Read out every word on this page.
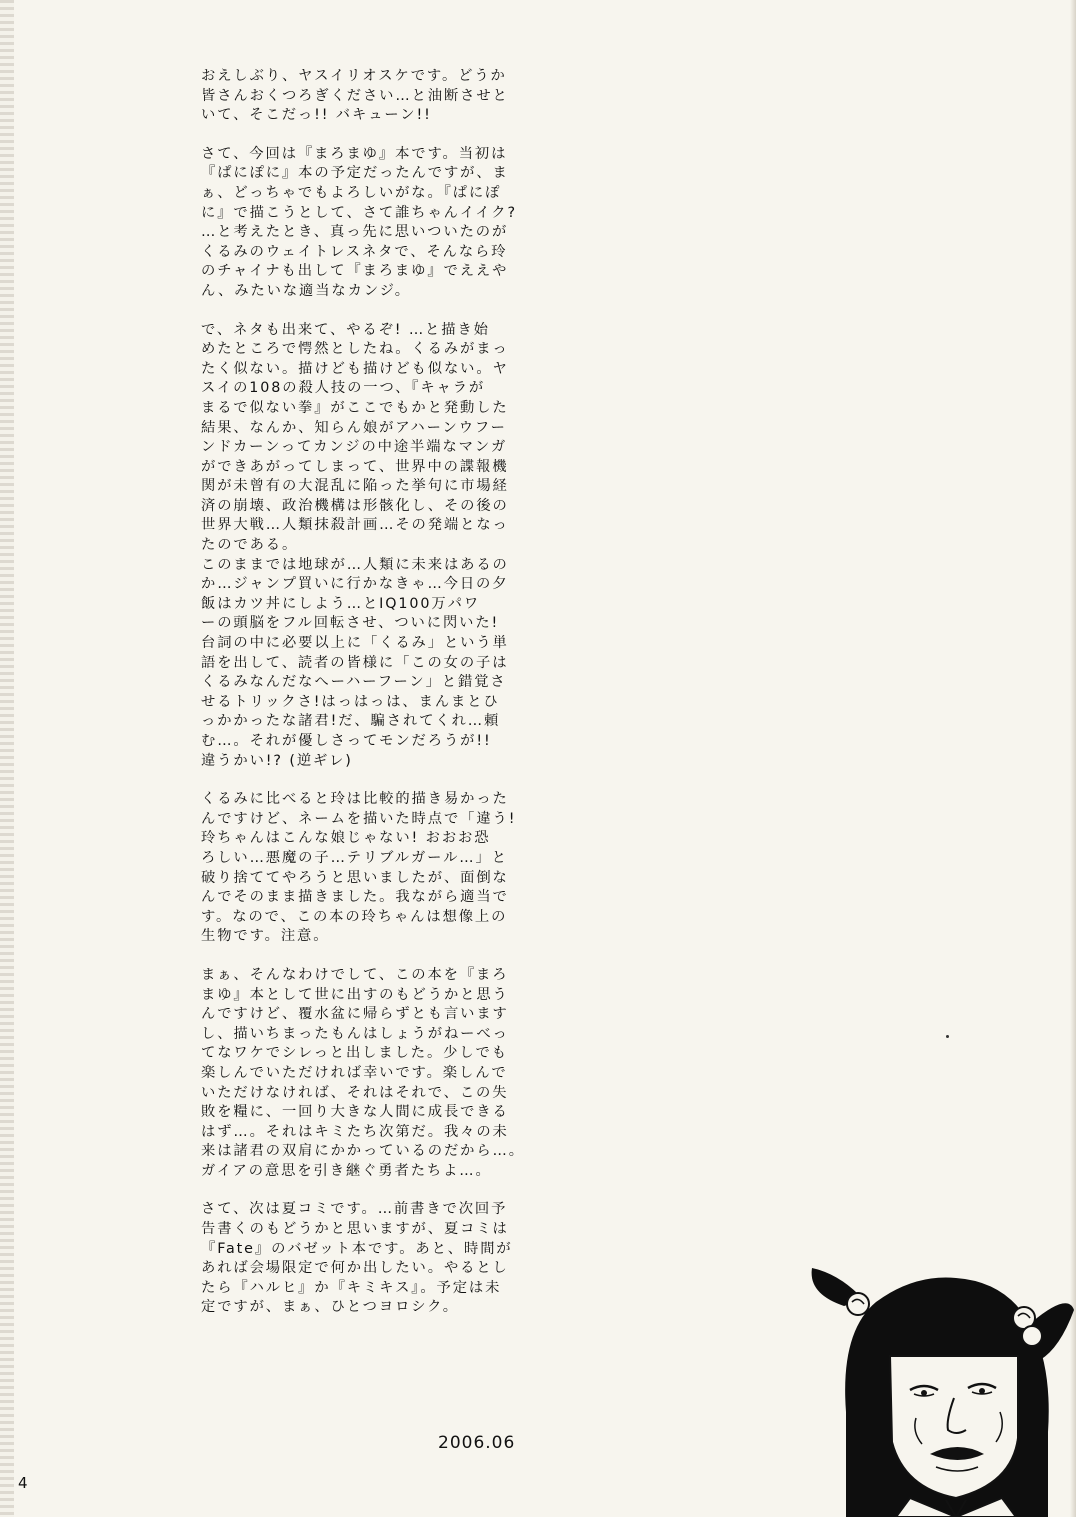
おえしぶり、ヤスイリオスケです。どうか
皆さんおくつろぎください…と油断させと
いて、そこだっ!! バキューン!!
さて、今回は『まろまゆ』本です。当初は
『ぱにぽに』本の予定だったんですが、ま
ぁ、どっちゃでもよろしいがな。『ぱにぽ
に』で描こうとして、さて誰ちゃんイイク?
…と考えたとき、真っ先に思いついたのが
くるみのウェイトレスネタで、そんなら玲
のチャイナも出して『まろまゆ』でええや
ん、みたいな適当なカンジ。
で、ネタも出来て、やるぞ! …と描き始
めたところで愕然としたね。くるみがまっ
たく似ない。描けども描けども似ない。ヤ
スイの108の殺人技の一つ、『キャラが
まるで似ない拳』がここでもかと発動した
結果、なんか、知らん娘がアハーンウフー
ンドカーンってカンジの中途半端なマンガ
ができあがってしまって、世界中の諜報機
関が未曾有の大混乱に陥った挙句に市場経
済の崩壊、政治機構は形骸化し、その後の
世界大戦…人類抹殺計画…その発端となっ
たのである。
このままでは地球が…人類に未来はあるの
か…ジャンプ買いに行かなきゃ…今日の夕
飯はカツ丼にしよう…とIQ100万パワ
ーの頭脳をフル回転させ、ついに閃いた!
台詞の中に必要以上に「くるみ」という単
語を出して、読者の皆様に「この女の子は
くるみなんだなへーハーフーン」と錯覚さ
せるトリックさ!はっはっは、まんまとひ
っかかったな諸君!だ、騙されてくれ…頼
む…。それが優しさってモンだろうが!!
違うかい!? (逆ギレ)
くるみに比べると玲は比較的描き易かった
んですけど、ネームを描いた時点で「違う!
玲ちゃんはこんな娘じゃない! おおお恐
ろしい…悪魔の子…テリブルガール…」と
破り捨ててやろうと思いましたが、面倒な
んでそのまま描きました。我ながら適当で
す。なので、この本の玲ちゃんは想像上の
生物です。注意。
まぁ、そんなわけでして、この本を『まろ
まゆ』本として世に出すのもどうかと思う
んですけど、覆水盆に帰らずとも言います
し、描いちまったもんはしょうがねーべっ
てなワケでシレっと出しました。少しでも
楽しんでいただければ幸いです。楽しんで
いただけなければ、それはそれで、この失
敗を糧に、一回り大きな人間に成長できる
はず…。それはキミたち次第だ。我々の未
来は諸君の双肩にかかっているのだから…。
ガイアの意思を引き継ぐ勇者たちよ…。
さて、次は夏コミです。…前書きで次回予
告書くのもどうかと思いますが、夏コミは
『Fate』のバゼット本です。あと、時間が
あれば会場限定で何か出したい。やるとし
たら『ハルヒ』か『キミキス』。予定は未
定ですが、まぁ、ひとつヨロシク。
2006.06
4
